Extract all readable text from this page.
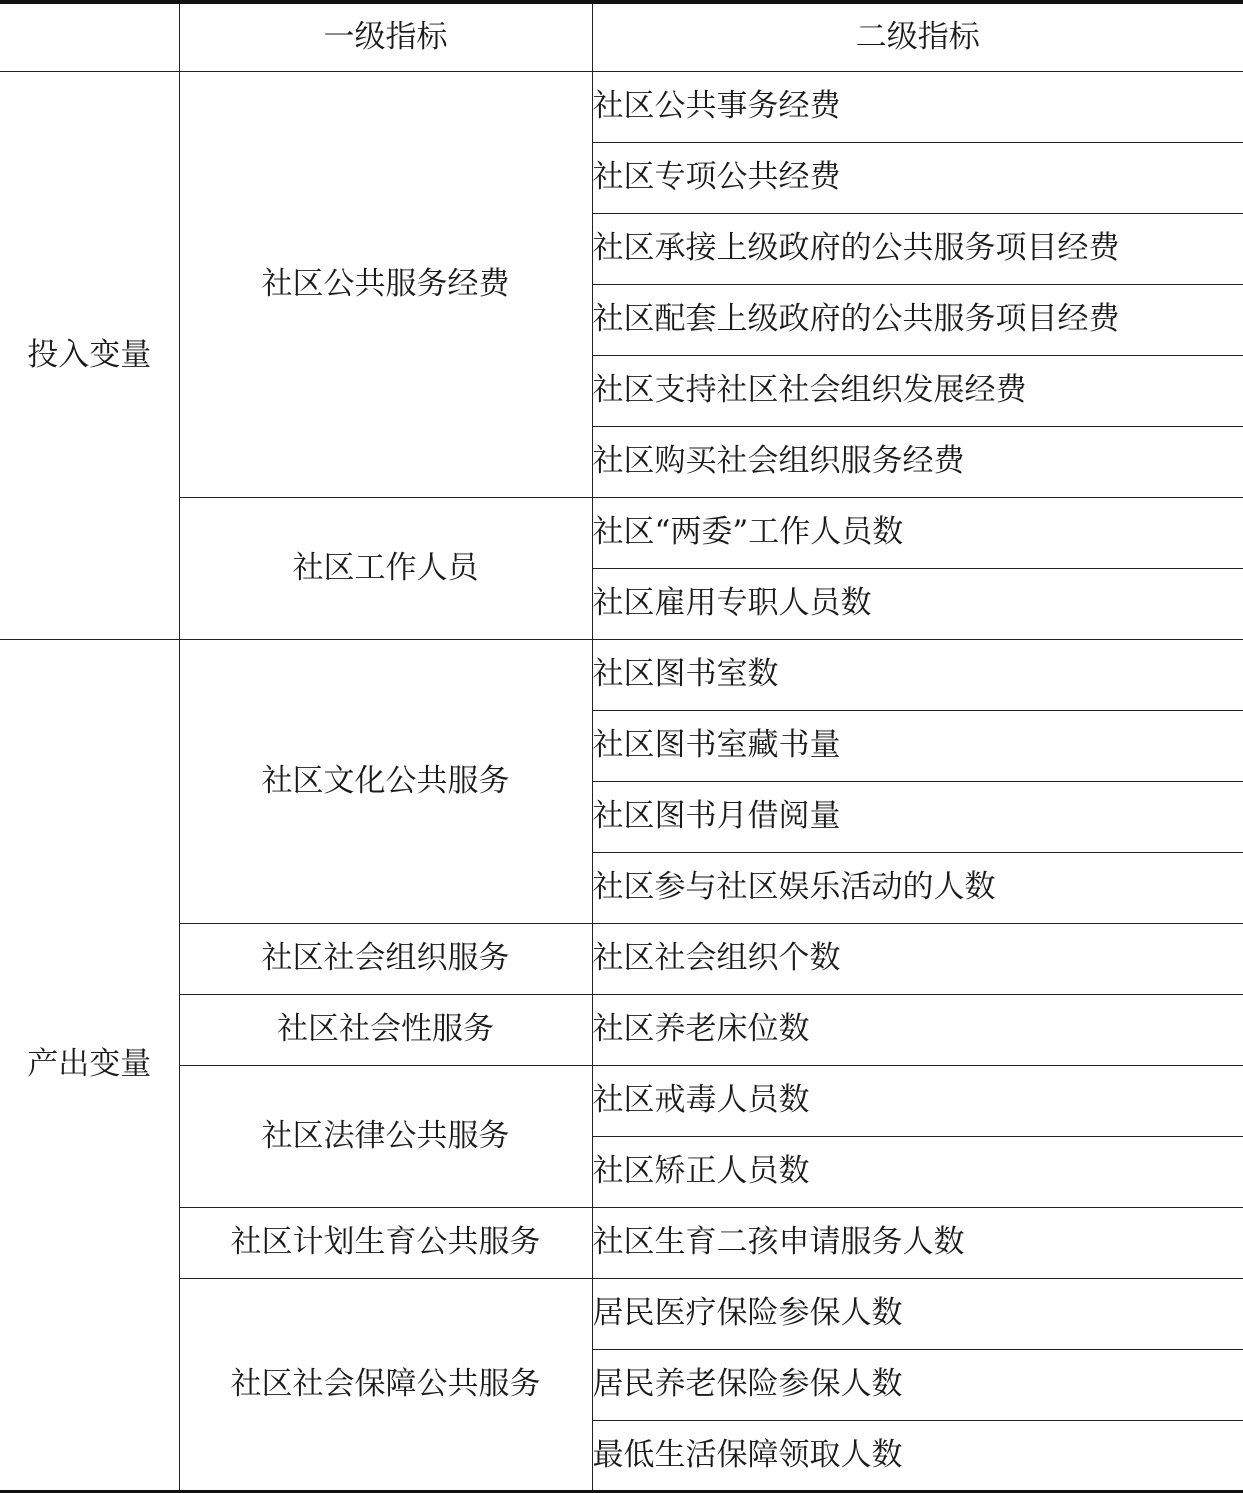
	一级指标	二级指标
投入变量	社区公共服务经费	社区公共事务经费
		社区专项公共经费
		社区承接上级政府的公共服务项目经费
		社区配套上级政府的公共服务项目经费
		社区支持社区社会组织发展经费
		社区购买社会组织服务经费
	社区工作人员	社区“两委”工作人员数
		社区雇用专职人员数
产出变量	社区文化公共服务	社区图书室数
		社区图书室藏书量
		社区图书月借阅量
		社区参与社区娱乐活动的人数
	社区社会组织服务	社区社会组织个数
	社区社会性服务	社区养老床位数
	社区法律公共服务	社区戒毒人员数
		社区矫正人员数
	社区计划生育公共服务	社区生育二孩申请服务人数
	社区社会保障公共服务	居民医疗保险参保人数
		居民养老保险参保人数
		最低生活保障领取人数
